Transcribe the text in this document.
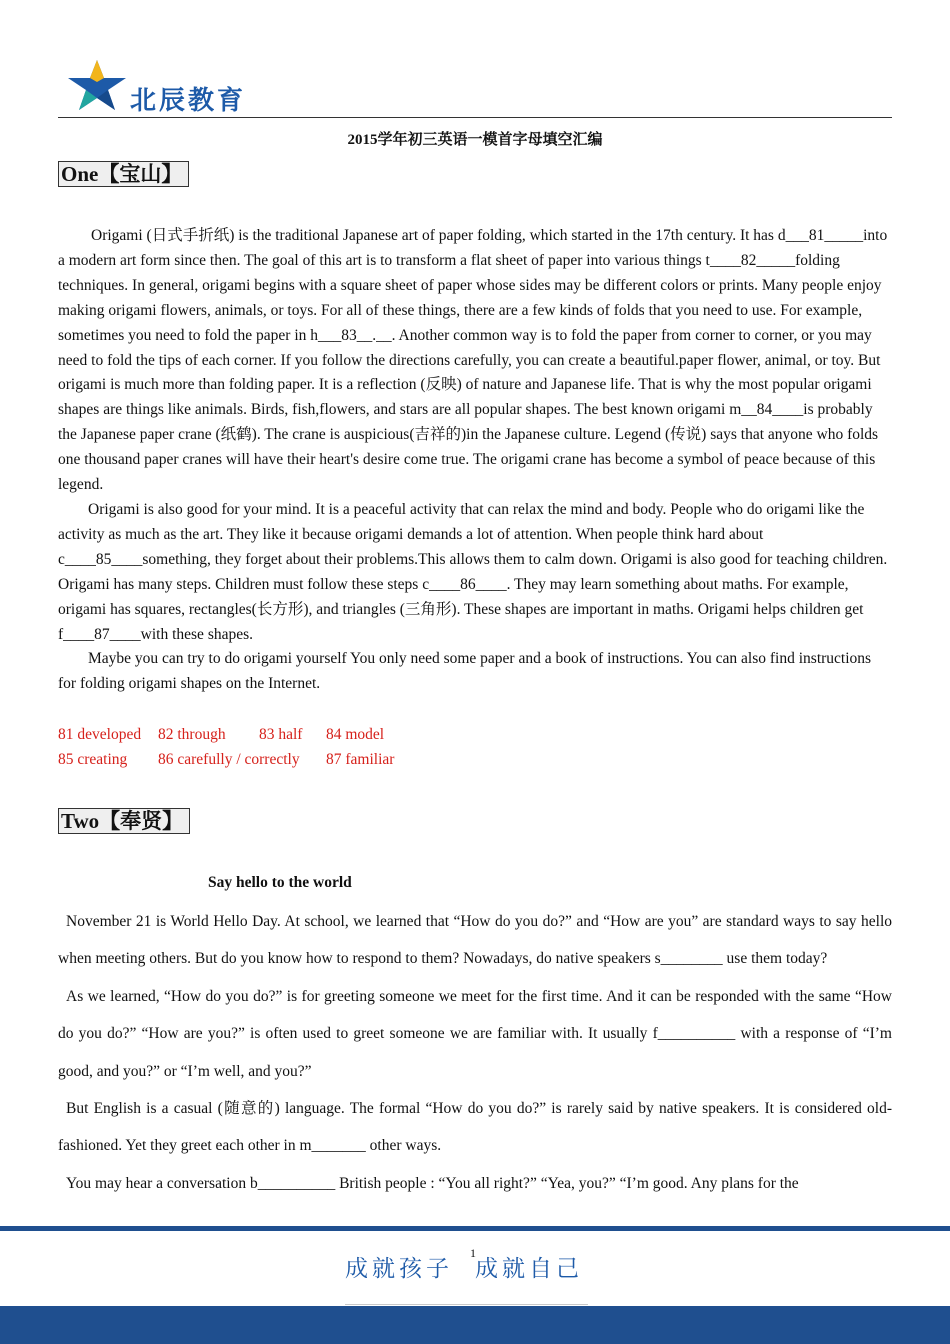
北辰教育
2015学年初三英语一模首字母填空汇编
One【宝山】

Origami (日式手折纸) is the traditional Japanese art of paper folding, which started in the 17th century. It has d___81_____into a modern art form since then. The goal of this art is to transform a flat sheet of paper into various things t____82_____folding techniques. In general, origami begins with a square sheet of paper whose sides may be different colors or prints. Many people enjoy making origami flowers, animals, or toys. For all of these things, there are a few kinds of folds that you need to use. For example, sometimes you need to fold the paper in h___83__.__. Another common way is to fold the paper from corner to corner, or you may need to fold the tips of each corner. If you follow the directions carefully, you can create a beautiful.paper flower, animal, or toy. But origami is much more than folding paper. It is a reflection (反映) of nature and Japanese life. That is why the most popular origami shapes are things like animals. Birds, fish,flowers, and stars are all popular shapes. The best known origami m__84____is probably the Japanese paper crane (纸鹤). The crane is auspicious(吉祥的)in the Japanese culture. Legend (传说) says that anyone who folds one thousand paper cranes will have their heart's desire come true. The origami crane has become a symbol of peace because of this legend.

Origami is also good for your mind. It is a peaceful activity that can relax the mind and body. People who do origami like the activity as much as the art. They like it because origami demands a lot of attention. When people think hard about c____85____something, they forget about their problems.This allows them to calm down. Origami is also good for teaching children. Origami has many steps. Children must follow these steps c____86____. They may learn something about maths. For example, origami has squares, rectangles(长方形), and triangles (三角形). These shapes are important in maths. Origami helps children get f____87____with these shapes.

Maybe you can try to do origami yourself You only need some paper and a book of instructions. You can also find instructions for folding origami shapes on the Internet.

81 developed 82 through 83 half 84 model
85 creating 86 carefully / correctly 87 familiar
Two【奉贤】
Say hello to the world

November 21 is World Hello Day. At school, we learned that “How do you do?” and “How are you” are standard ways to say hello when meeting others. But do you know how to respond to them? Nowadays, do native speakers s________ use them today?

As we learned, “How do you do?” is for greeting someone we meet for the first time. And it can be responded with the same “How do you do?” “How are you?” is often used to greet someone we are familiar with. It usually f__________ with a response of “I’m good, and you?” or “I’m well, and you?”

But English is a casual (随意的) language. The formal “How do you do?” is rarely said by native speakers. It is considered old-fashioned. Yet they greet each other in m_______ other ways.

You may hear a conversation b__________ British people : “You all right?” “Yea, you?” “I’m good. Any plans for the

成就孩子 成就自己
1
